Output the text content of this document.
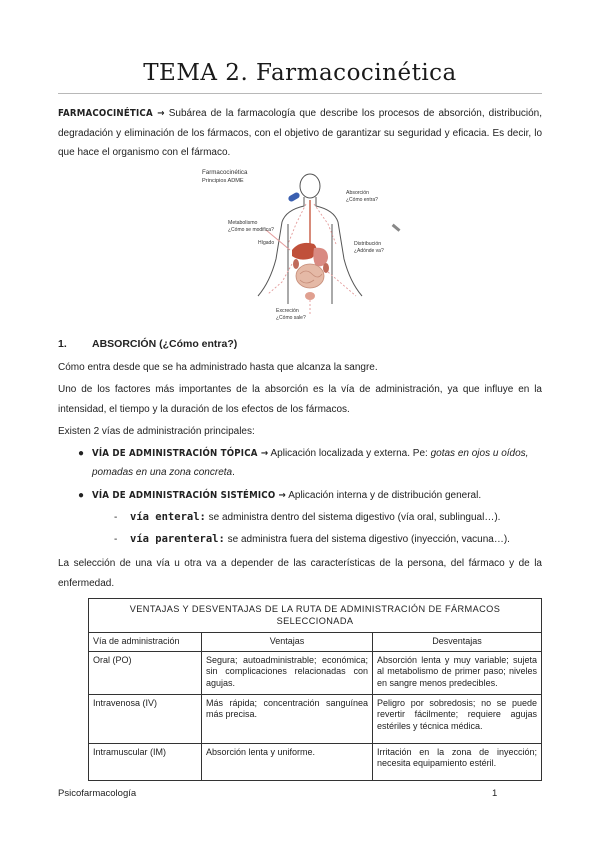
TEMA 2. Farmacocinética
FARMACOCINÉTICA → Subárea de la farmacología que describe los procesos de absorción, distribución, degradación y eliminación de los fármacos, con el objetivo de garantizar su seguridad y eficacia. Es decir, lo que hace el organismo con el fármaco.
Farmacocinética
Principios ADME
Absorción
¿Cómo entra?
Metabolismo
¿Cómo se modifica?
Hígado	Distribución
¿Adónde va?
Excreción
¿Cómo sale?
1. ABSORCIÓN (¿Cómo entra?)
Cómo entra desde que se ha administrado hasta que alcanza la sangre.
Uno de los factores más importantes de la absorción es la vía de administración, ya que influye en la intensidad, el tiempo y la duración de los efectos de los fármacos.
Existen 2 vías de administración principales:
● VÍA DE ADMINISTRACIÓN TÓPICA → Aplicación localizada y externa. Pe: gotas en ojos u oídos, pomadas en una zona concreta.
● VÍA DE ADMINISTRACIÓN SISTÉMICO → Aplicación interna y de distribución general.
- vía enteral: se administra dentro del sistema digestivo (vía oral, sublingual…).
- vía parenteral: se administra fuera del sistema digestivo (inyección, vacuna…).
La selección de una vía u otra va a depender de las características de la persona, del fármaco y de la enfermedad.
VENTAJAS Y DESVENTAJAS DE LA RUTA DE ADMINISTRACIÓN DE FÁRMACOS SELECCIONADA		
Vía de administración	Ventajas	Desventajas
Oral (PO)	Segura; autoadministrable; económica; sin complicaciones relacionadas con agujas.	Absorción lenta y muy variable; sujeta al metabolismo de primer paso; niveles en sangre menos predecibles.
Intravenosa (IV)	Más rápida; concentración sanguínea más precisa.	Peligro por sobredosis; no se puede revertir fácilmente; requiere agujas estériles y técnica médica.
Intramuscular (IM)	Absorción lenta y uniforme.	Irritación en la zona de inyección; necesita equipamiento estéril.
Psicofarmacología	1
